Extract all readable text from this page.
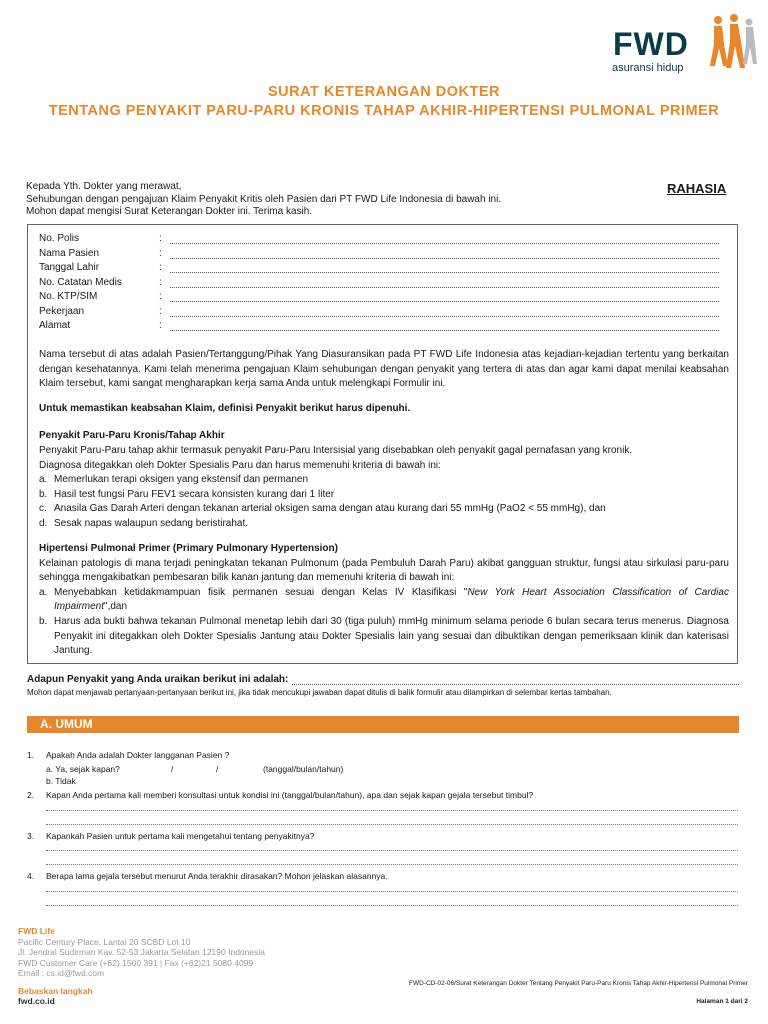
FWD
asuransi hidup
SURAT KETERANGAN DOKTER
TENTANG PENYAKIT PARU-PARU KRONIS TAHAP AKHIR-HIPERTENSI PULMONAL PRIMER
Kepada Yth. Dokter yang merawat,
Sehubungan dengan pengajuan Klaim Penyakit Kritis oleh Pasien dari PT FWD Life Indonesia di bawah ini.
Mohon dapat mengisi Surat Keterangan Dokter ini. Terima kasih.
RAHASIA
No. Polis	:
Nama Pasien	:
Tanggal Lahir	:
No. Catatan Medis	:
No. KTP/SIM	:
Pekerjaan	:
Alamat	:
Nama tersebut di atas adalah Pasien/Tertanggung/Pihak Yang Diasuransikan pada PT FWD Life Indonesia atas kejadian-kejadian tertentu yang berkaitan dengan kesehatannya. Kami telah menerima pengajuan Klaim sehubungan dengan penyakit yang tertera di atas dan agar kami dapat menilai keabsahan Klaim tersebut, kami sangat mengharapkan kerja sama Anda untuk melengkapi Formulir ini.
Untuk memastikan keabsahan Klaim, definisi Penyakit berikut harus dipenuhi.
Penyakit Paru-Paru Kronis/Tahap Akhir
Penyakit Paru-Paru tahap akhir termasuk penyakit Paru-Paru Intersisial yang disebabkan oleh penyakit gagal pernafasan yang kronik.
Diagnosa ditegakkan oleh Dokter Spesialis Paru dan harus memenuhi kriteria di bawah ini:
a. Memerlukan terapi oksigen yang ekstensif dan permanen
b. Hasil test fungsi Paru FEV1 secara konsisten kurang dari 1 liter
c. Anasila Gas Darah Arteri dengan tekanan arterial oksigen sama dengan atau kurang dari 55 mmHg (PaO2 < 55 mmHg), dan
d. Sesak napas walaupun sedang beristirahat.
Hipertensi Pulmonal Primer (Primary Pulmonary Hypertension)
Kelainan patologis di mana terjadi peningkatan tekanan Pulmonum (pada Pembuluh Darah Paru) akibat gangguan struktur, fungsi atau sirkulasi paru-paru sehingga mengakibatkan pembesaran bilik kanan jantung dan memenuhi kriteria di bawah ini:
a. Menyebabkan ketidakmampuan fisik permanen sesuai dengan Kelas IV Klasifikasi "New York Heart Association Classification of Cardiac Impairment",dan
b. Harus ada bukti bahwa tekanan Pulmonal menetap lebih dari 30 (tiga puluh) mmHg minimum selama periode 6 bulan secara terus menerus. Diagnosa Penyakit ini ditegakkan oleh Dokter Spesialis Jantung atau Dokter Spesialis lain yang sesuai dan dibuktikan dengan pemeriksaan klinik dan katerisasi Jantung.
Adapun Penyakit yang Anda uraikan berikut ini adalah:
Mohon dapat menjawab pertanyaan-pertanyaan berikut ini, jika tidak mencukupi jawaban dapat ditulis di balik formulir atau dilampirkan di selembar kertas tambahan.
A. UMUM
1. Apakah Anda adalah Dokter langganan Pasien ?
a. Ya, sejak kapan?	/	/	(tanggal/bulan/tahun)
b. Tidak
2. Kapan Anda pertama kali memberi konsultasi untuk kondisi ini (tanggal/bulan/tahun), apa dan sejak kapan gejala tersebut timbul?
3. Kapankah Pasien untuk pertama kali mengetahui tentang penyakitnya?
4. Berapa lama gejala tersebut menurut Anda terakhir dirasakan? Mohon jelaskan alasannya.
FWD Life
Pacific Century Place, Lantai 20 SCBD Lot 10
Jl. Jendral Sudirman Kav. 52-53 Jakarta Selatan 12190 Indonesia
FWD Customer Care (+62) 1500 391 | Fax (+62)21 5080 4099
Email : cs.id@fwd.com
Bebaskan langkah
fwd.co.id
FWD-CD-02-06/Surat Keterangan Dokter Tentang Penyakit Paru-Paru Kronis Tahap Akhir-Hipertensi Pulmonal Primer
Halaman 1 dari 2
